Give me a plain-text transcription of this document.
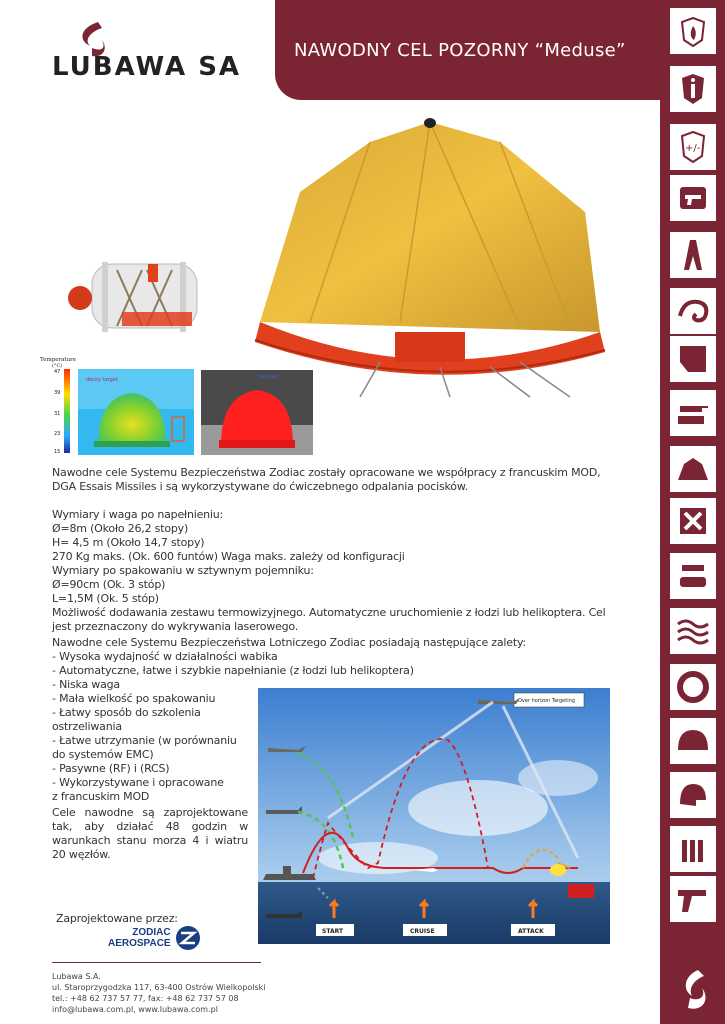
NAWODNY CEL POZORNY “Meduse”
LUBAWA SA
+/-
Temperature
(°C)
47
39
31
23
15
decoy target	hot spot

Nawodne cele Systemu Bezpieczeństwa Zodiac zostały opracowane we współpracy z francuskim MOD,

DGA Essais Missiles i są wykorzystywane do ćwiczebnego odpalania pocisków.

Wymiary i waga po napełnieniu:

Ø=8m (Około 26,2 stopy)

H= 4,5 m (Około 14,7 stopy)

270 Kg maks. (Ok. 600 funtów) Waga maks. zależy od konfiguracji

Wymiary po spakowaniu w sztywnym pojemniku:

Ø=90cm (Ok. 3 stóp)

L=1,5M (Ok. 5 stóp)

Możliwość dodawania zestawu termowizyjnego. Automatyczne uruchomienie z łodzi lub helikoptera. Cel

jest przeznaczony do wykrywania laserowego.

Nawodne cele Systemu Bezpieczeństwa Lotniczego Zodiac posiadają następujące zalety:

- Wysoka wydajność w działalności wabika

- Automatyczne, łatwe i szybkie napełnianie (z łodzi lub helikoptera)

- Niska waga

- Mała wielkość po spakowaniu

- Łatwy sposób do szkolenia

ostrzeliwania

- Łatwe utrzymanie (w porównaniu

do systemów EMC)

- Pasywne (RF) i (RCS)

- Wykorzystywane i opracowane

z francuskim MOD

Cele nawodne są zaprojektowane tak, aby działać 48 godzin w warunkach stanu morza 4 i wiatru 20 węzłów.
Zaprojektowane przez:
ZODIAC
AEROSPACE
Over horizon Targeting
START	CRUISE	ATTACK
Lubawa S.A.
ul. Staroprzygodzka 117, 63-400 Ostrów Wielkopolski
tel.: +48 62 737 57 77, fax: +48 62 737 57 08
info@lubawa.com.pl, www.lubawa.com.pl
